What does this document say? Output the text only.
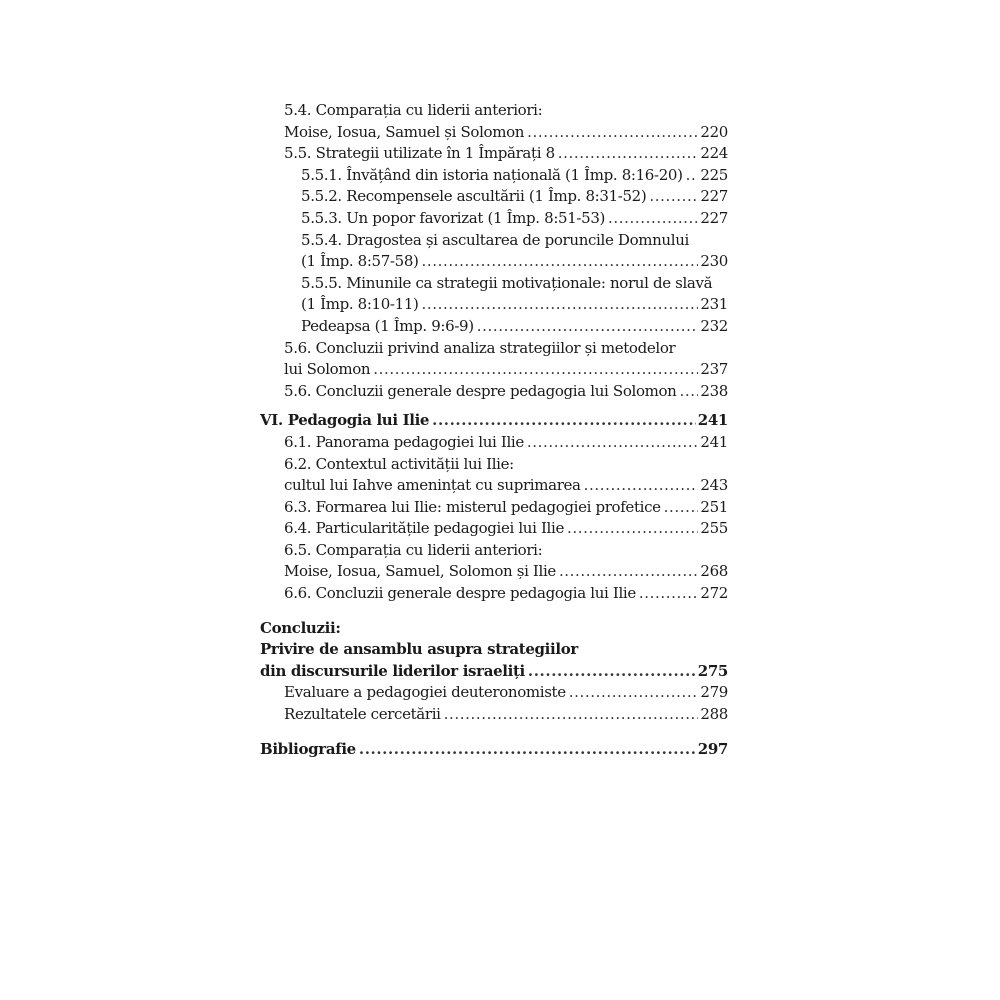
5.4. Comparația cu liderii anteriori:
Moise, Iosua, Samuel și Solomon .....	220
5.5. Strategii utilizate în 1 Împărați 8 .....	224
5.5.1. Învățând din istoria națională (1 Împ. 8:16-20) ..... 225
5.5.2. Recompensele ascultării (1 Împ. 8:31-52) .....	227
5.5.3. Un popor favorizat (1 Împ. 8:51-53) .....	227
5.5.4. Dragostea și ascultarea de poruncile Domnului
(1 Împ. 8:57-58) .....	230
5.5.5. Minunile ca strategii motivaționale: norul de slavă
(1 Împ. 8:10-11) .....	231
Pedeapsa (1 Împ. 9:6-9) .....	232
5.6. Concluzii privind analiza strategiilor și metodelor
lui Solomon .....	237
5.6. Concluzii generale despre pedagogia lui Solomon ..... 238
VI. Pedagogia lui Ilie .....	241
6.1. Panorama pedagogiei lui Ilie .....	241
6.2. Contextul activității lui Ilie:
cultul lui Iahve amenințat cu suprimarea .....	243
6.3. Formarea lui Ilie: misterul pedagogiei profetice .....	251
6.4. Particularitățile pedagogiei lui Ilie .....	255
6.5. Comparația cu liderii anteriori:
Moise, Iosua, Samuel, Solomon și Ilie .....	268
6.6. Concluzii generale despre pedagogia lui Ilie .....	272
Concluzii:
Privire de ansamblu asupra strategiilor
din discursurile liderilor israeliți .....	275
Evaluare a pedagogiei deuteronomiste .....	279
Rezultatele cercetării .....	288
Bibliografie .....	297
